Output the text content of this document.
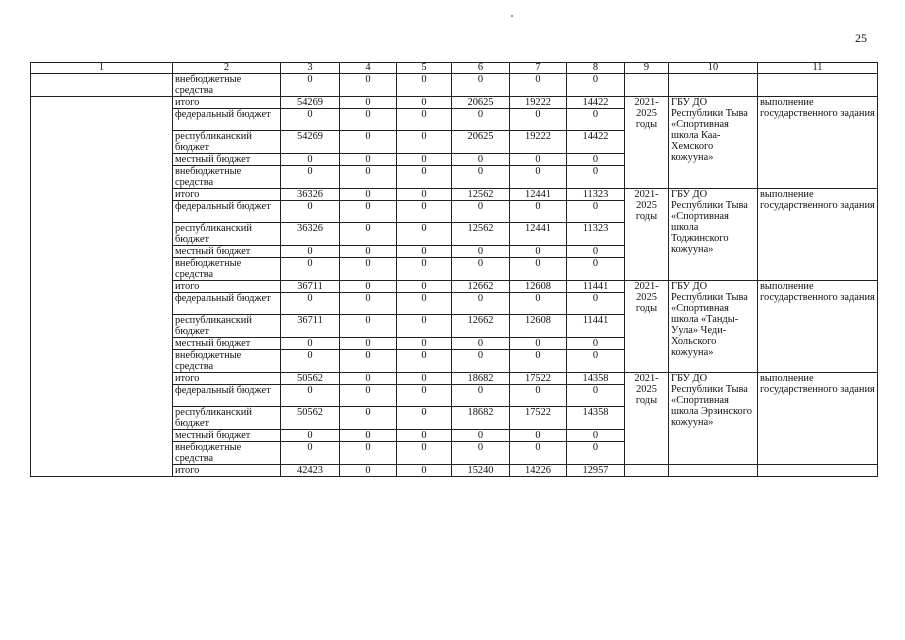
25
1	2	3	4	5	6	7	8	9	10	11
	внебюджетные средства	0	0	0	0	0	0			
	итого	54269	0	0	20625	19222	14422	2021-2025 годы	ГБУ ДО Республики Тыва «Спортивная школа Каа-Хемского кожууна»	выполнение государственного задания
	федеральный бюджет	0	0	0	0	0	0			
	республиканский бюджет	54269	0	0	20625	19222	14422			
	местный бюджет	0	0	0	0	0	0			
	внебюджетные средства	0	0	0	0	0	0			
	итого	36326	0	0	12562	12441	11323	2021-2025 годы	ГБУ ДО Республики Тыва «Спортивная школа Тоджинского кожууна»	выполнение государственного задания
	федеральный бюджет	0	0	0	0	0	0			
	республиканский бюджет	36326	0	0	12562	12441	11323			
	местный бюджет	0	0	0	0	0	0			
	внебюджетные средства	0	0	0	0	0	0			
	итого	36711	0	0	12662	12608	11441	2021-2025 годы	ГБУ ДО Республики Тыва «Спортивная школа «Танды-Уула» Чеди-Хольского кожууна»	выполнение государственного задания
	федеральный бюджет	0	0	0	0	0	0			
	республиканский бюджет	36711	0	0	12662	12608	11441			
	местный бюджет	0	0	0	0	0	0			
	внебюджетные средства	0	0	0	0	0	0			
	итого	50562	0	0	18682	17522	14358	2021-2025 годы	ГБУ ДО Республики Тыва «Спортивная школа Эрзинского кожууна»	выполнение государственного задания
	федеральный бюджет	0	0	0	0	0	0			
	республиканский бюджет	50562	0	0	18682	17522	14358			
	местный бюджет	0	0	0	0	0	0			
	внебюджетные средства	0	0	0	0	0	0			
	итого	42423	0	0	15240	14226	12957			
